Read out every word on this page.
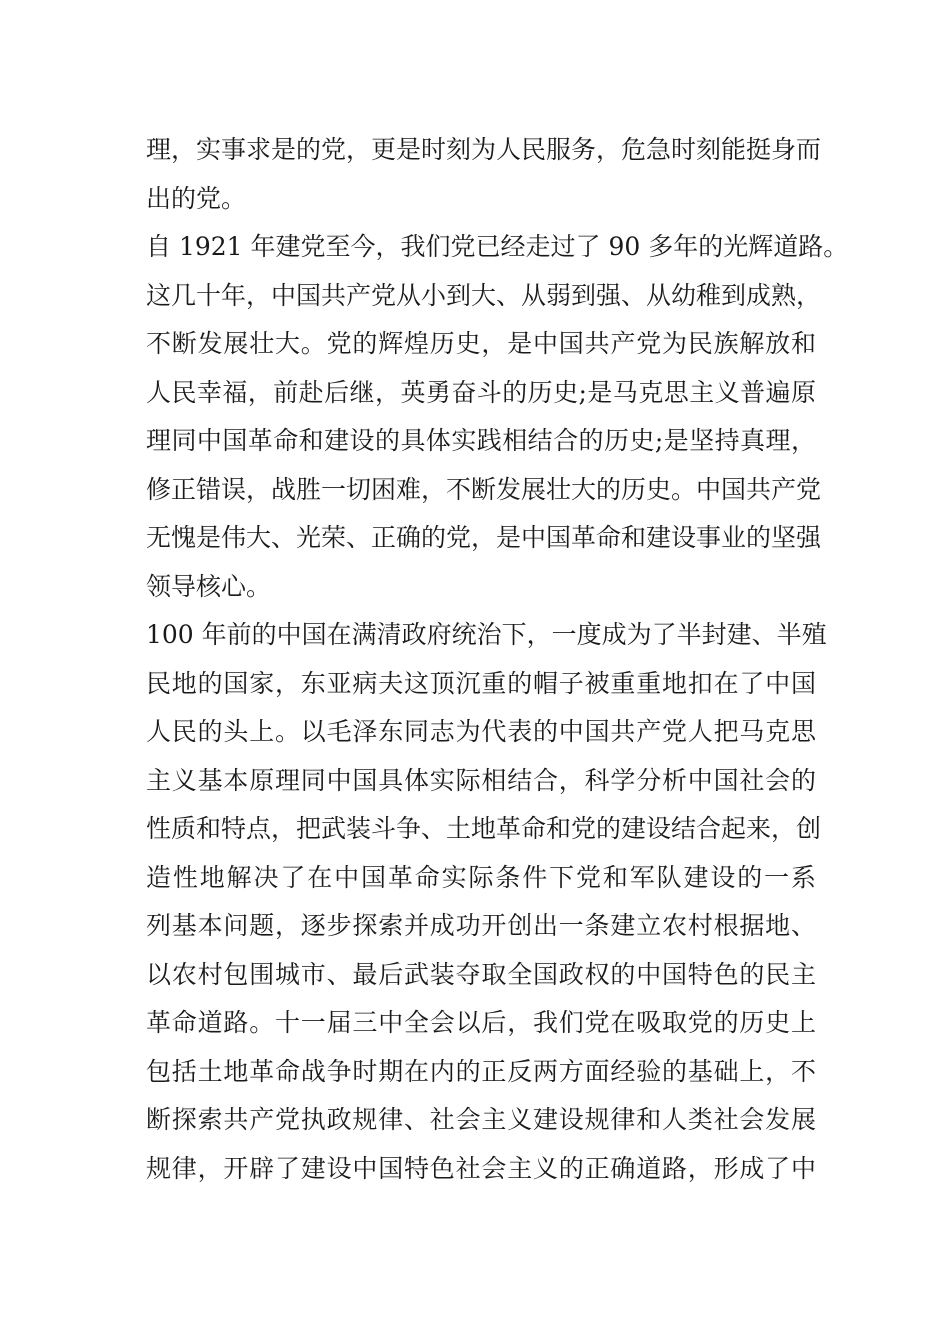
理，实事求是的党，更是时刻为人民服务，危急时刻能挺身而
出的党。
自 1921 年建党至今，我们党已经走过了 90 多年的光辉道路。
这几十年，中国共产党从小到大、从弱到强、从幼稚到成熟，
不断发展壮大。党的辉煌历史，是中国共产党为民族解放和
人民幸福，前赴后继，英勇奋斗的历史;是马克思主义普遍原
理同中国革命和建设的具体实践相结合的历史;是坚持真理，
修正错误，战胜一切困难，不断发展壮大的历史。中国共产党
无愧是伟大、光荣、正确的党，是中国革命和建设事业的坚强
领导核心。
100 年前的中国在满清政府统治下，一度成为了半封建、半殖
民地的国家，东亚病夫这顶沉重的帽子被重重地扣在了中国
人民的头上。以毛泽东同志为代表的中国共产党人把马克思
主义基本原理同中国具体实际相结合，科学分析中国社会的
性质和特点，把武装斗争、土地革命和党的建设结合起来，创
造性地解决了在中国革命实际条件下党和军队建设的一系
列基本问题，逐步探索并成功开创出一条建立农村根据地、
以农村包围城市、最后武装夺取全国政权的中国特色的民主
革命道路。十一届三中全会以后，我们党在吸取党的历史上
包括土地革命战争时期在内的正反两方面经验的基础上，不
断探索共产党执政规律、社会主义建设规律和人类社会发展
规律，开辟了建设中国特色社会主义的正确道路，形成了中
